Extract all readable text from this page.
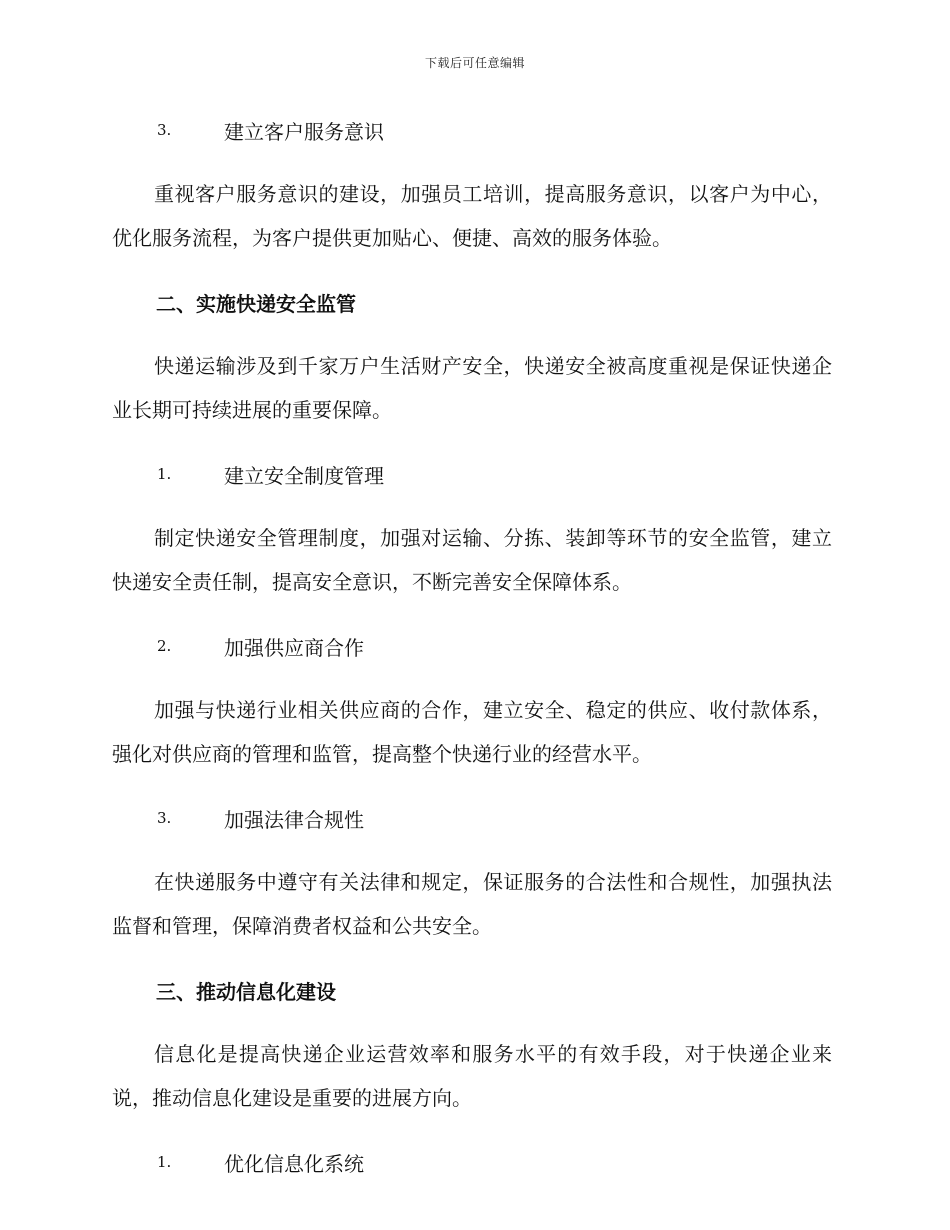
下载后可任意编辑
3.	建立客户服务意识

重视客户服务意识的建设，加强员工培训，提高服务意识，以客户为中心，优化服务流程，为客户提供更加贴心、便捷、高效的服务体验。

二、实施快递安全监管

快递运输涉及到千家万户生活财产安全，快递安全被高度重视是保证快递企业长期可持续进展的重要保障。

1.	建立安全制度管理

制定快递安全管理制度，加强对运输、分拣、装卸等环节的安全监管，建立快递安全责任制，提高安全意识，不断完善安全保障体系。

2.	加强供应商合作

加强与快递行业相关供应商的合作，建立安全、稳定的供应、收付款体系，强化对供应商的管理和监管，提高整个快递行业的经营水平。

3.	加强法律合规性

在快递服务中遵守有关法律和规定，保证服务的合法性和合规性，加强执法监督和管理，保障消费者权益和公共安全。

三、推动信息化建设

信息化是提高快递企业运营效率和服务水平的有效手段，对于快递企业来说，推动信息化建设是重要的进展方向。

1.	优化信息化系统
